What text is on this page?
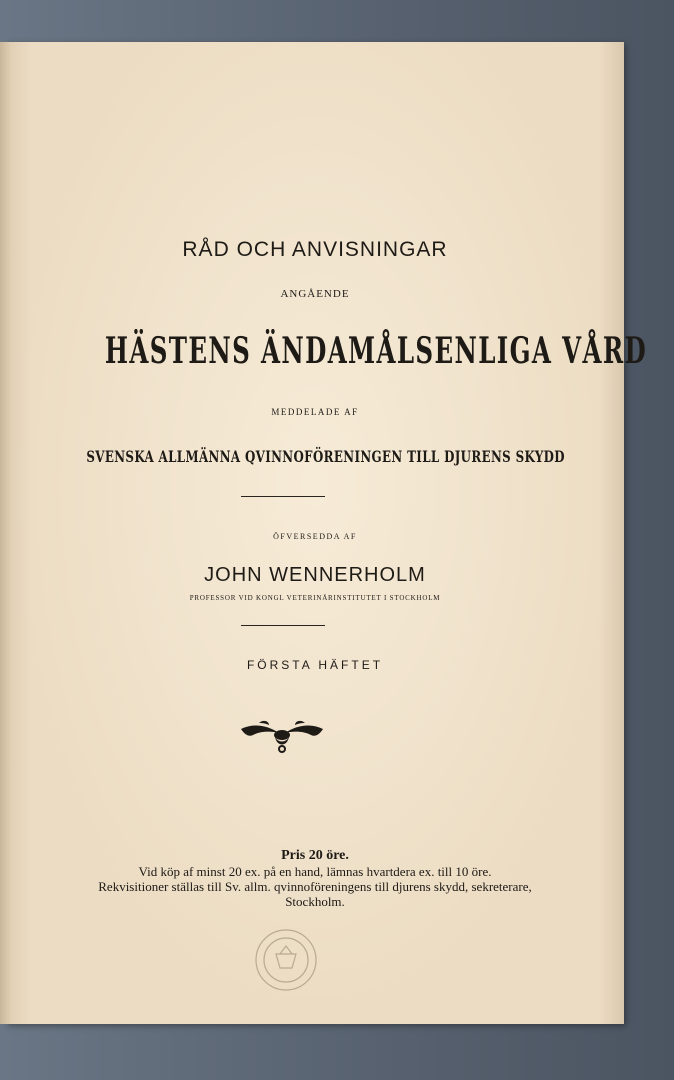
RÅD OCH ANVISNINGAR
ANGÅENDE
HÄSTENS ÄNDAMÅLSENLIGA VÅRD
MEDDELADE AF
SVENSKA ALLMÄNNA QVINNOFÖRENINGEN TILL DJURENS SKYDD
ÖFVERSEDDA AF
JOHN WENNERHOLM
PROFESSOR VID KONGL VETERINÄRINSTITUTET I STOCKHOLM
FÖRSTA HÄFTET
Pris 20 öre.
Vid köp af minst 20 ex. på en hand, lämnas hvartdera ex. till 10 öre.
Rekvisitioner ställas till Sv. allm. qvinnoföreningens till djurens skydd, sekreterare,
Stockholm.
